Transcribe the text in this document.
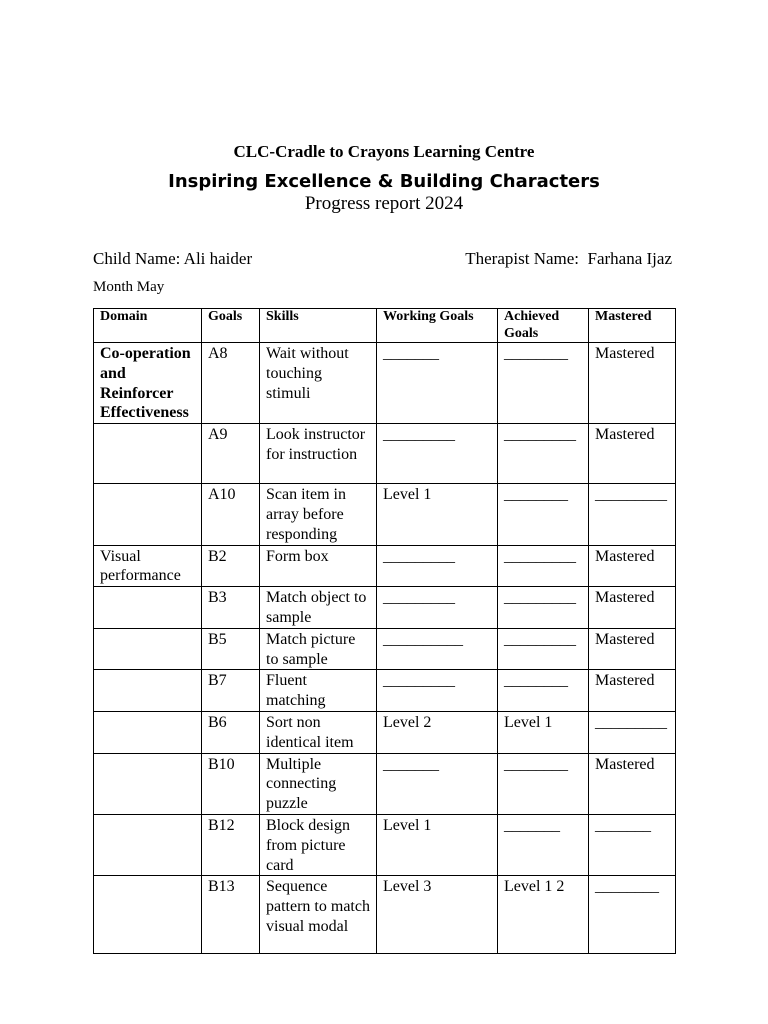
CLC-Cradle to Crayons Learning Centre
Inspiring Excellence & Building Characters
Progress report 2024
Child Name: Ali haider	Therapist Name:  Farhana Ijaz
Month May
Domain	Goals	Skills	Working Goals	Achieved Goals	Mastered
Co-operation and Reinforcer Effectiveness	A8	Wait without touching stimuli	_______	________	Mastered
	A9	Look instructor for instruction	_________	_________	Mastered
	A10	Scan item in array before responding	Level 1	________	_________
Visual performance	B2	Form box	_________	_________	Mastered
	B3	Match object to sample	_________	_________	Mastered
	B5	Match picture to sample	__________	_________	Mastered
	B7	Fluent matching	_________	________	Mastered
	B6	Sort non identical item	Level 2	Level 1	_________
	B10	Multiple connecting puzzle	_______	________	Mastered
	B12	Block design from picture card	Level 1	_______	_______
	B13	Sequence pattern to match visual modal	Level 3	Level 1 2	________
